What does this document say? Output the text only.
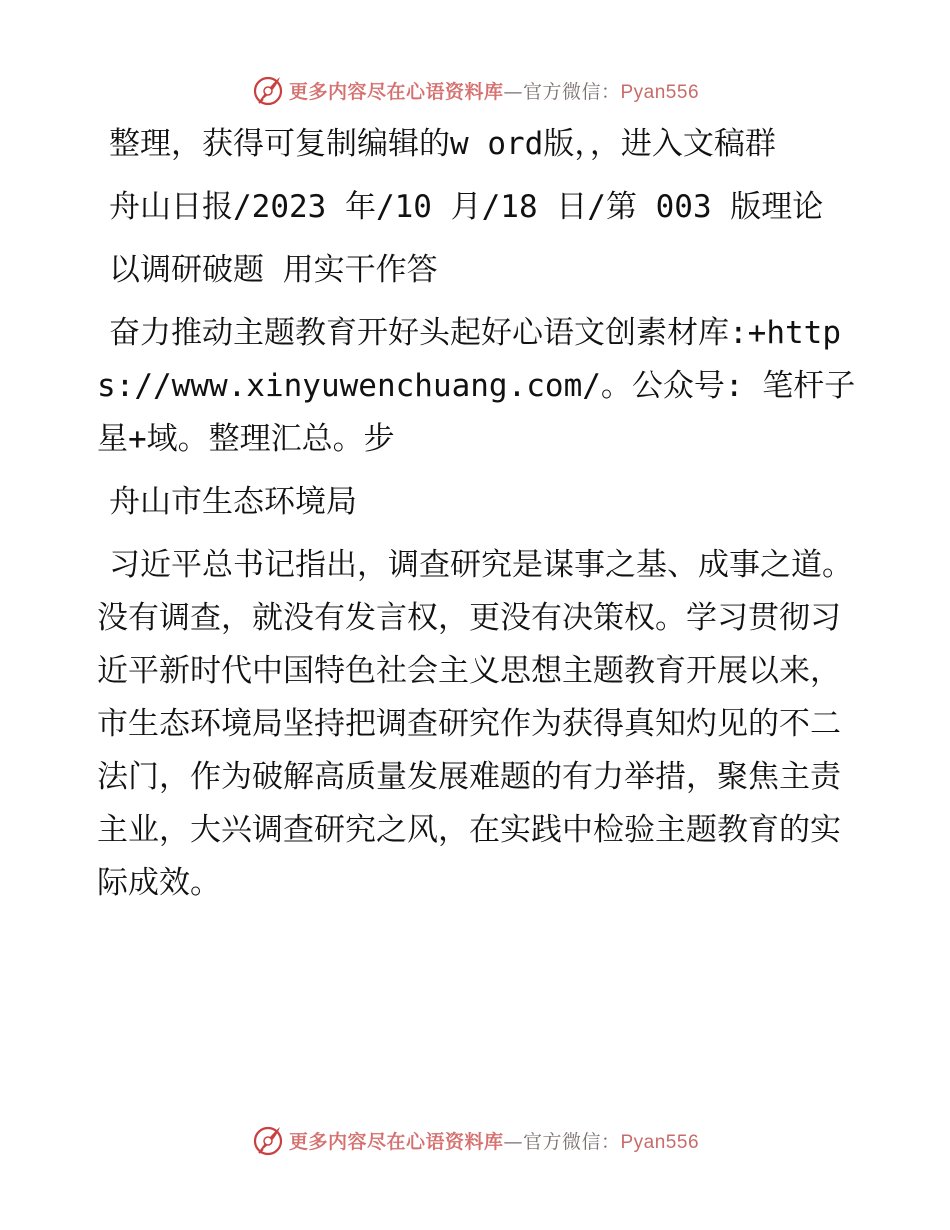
更多内容尽在心语资料库—官方微信：Pyan556

整理，获得可复制编辑的w ord版，，进入文稿群

舟山日报/2023 年/10 月/18 日/第 003 版理论

以调研破题 用实干作答

奋力推动主题教育开好头起好心语文创素材库:+https://www.xinyuwenchuang.com/。公众号: 笔杆子星+域。整理汇总。步

舟山市生态环境局

习近平总书记指出，调查研究是谋事之基、成事之道。没有调查，就没有发言权，更没有决策权。学习贯彻习近平新时代中国特色社会主义思想主题教育开展以来，市生态环境局坚持把调查研究作为获得真知灼见的不二法门，作为破解高质量发展难题的有力举措，聚焦主责主业，大兴调查研究之风，在实践中检验主题教育的实际成效。

更多内容尽在心语资料库—官方微信：Pyan556
